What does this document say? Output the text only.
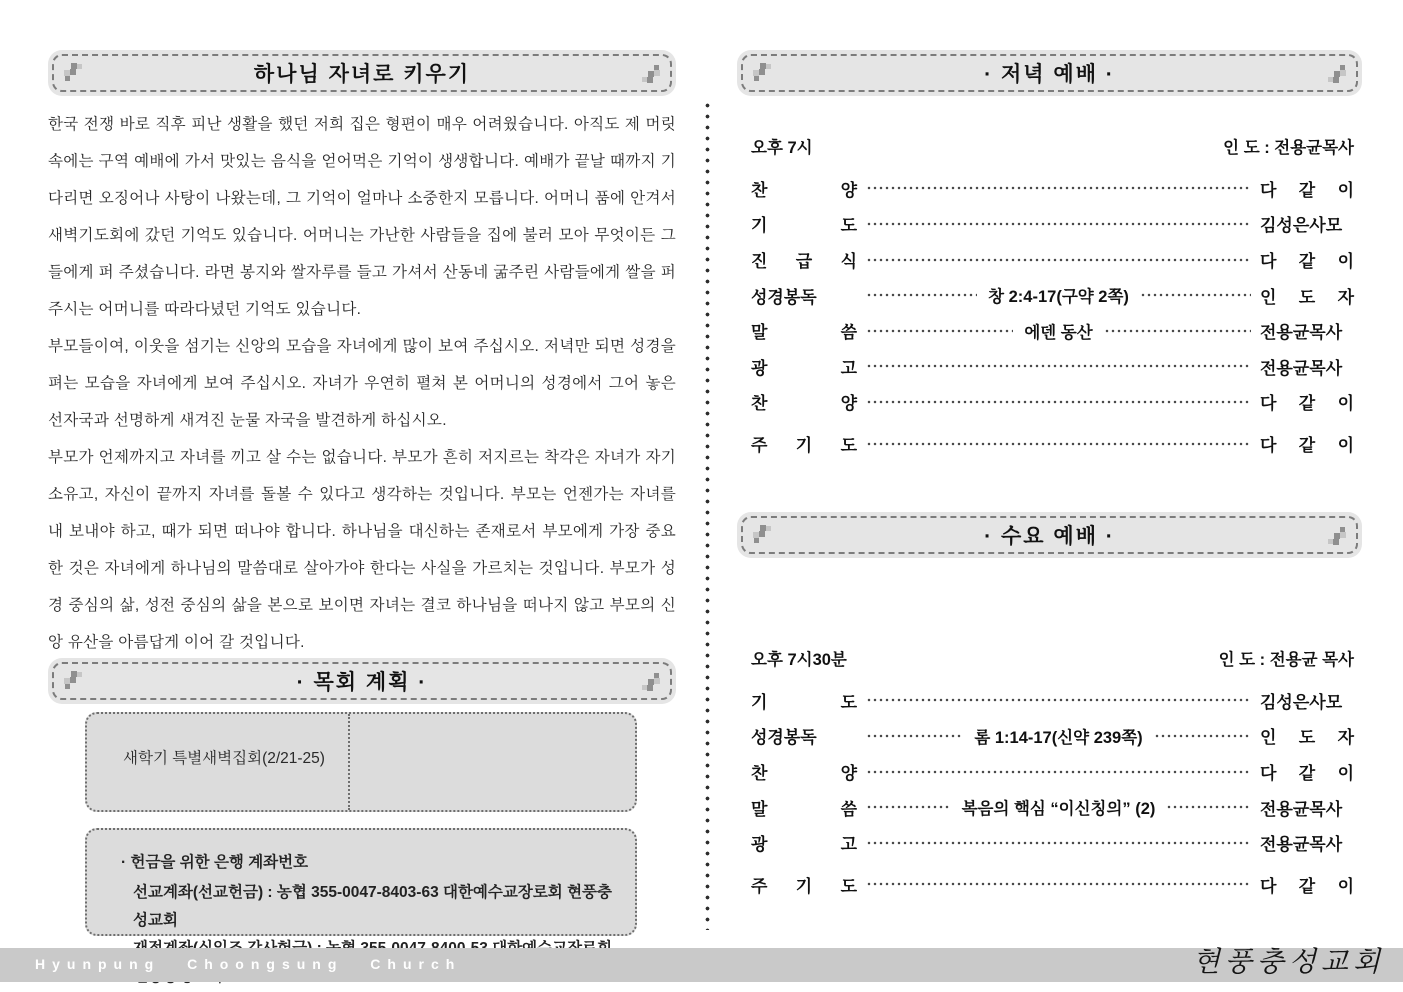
하나님 자녀로 키우기

한국 전쟁 바로 직후 피난 생활을 했던 저희 집은 형편이 매우 어려웠습니다. 아직도 제 머릿속에는 구역 예배에 가서 맛있는 음식을 얻어먹은 기억이 생생합니다. 예배가 끝날 때까지 기다리면 오징어나 사탕이 나왔는데, 그 기억이 얼마나 소중한지 모릅니다. 어머니 품에 안겨서 새벽기도회에 갔던 기억도 있습니다. 어머니는 가난한 사람들을 집에 불러 모아 무엇이든 그들에게 퍼 주셨습니다. 라면 봉지와 쌀자루를 들고 가셔서 산동네 굶주린 사람들에게 쌀을 퍼 주시는 어머니를 따라다녔던 기억도 있습니다.

부모들이여, 이웃을 섬기는 신앙의 모습을 자녀에게 많이 보여 주십시오. 저녁만 되면 성경을 펴는 모습을 자녀에게 보여 주십시오. 자녀가 우연히 펼쳐 본 어머니의 성경에서 그어 놓은 선자국과 선명하게 새겨진 눈물 자국을 발견하게 하십시오.

부모가 언제까지고 자녀를 끼고 살 수는 없습니다. 부모가 흔히 저지르는 착각은 자녀가 자기 소유고, 자신이 끝까지 자녀를 돌볼 수 있다고 생각하는 것입니다. 부모는 언젠가는 자녀를 내 보내야 하고, 때가 되면 떠나야 합니다. 하나님을 대신하는 존재로서 부모에게 가장 중요한 것은 자녀에게 하나님의 말씀대로 살아가야 한다는 사실을 가르치는 것입니다. 부모가 성경 중심의 삶, 성전 중심의 삶을 본으로 보이면 자녀는 결코 하나님을 떠나지 않고 부모의 신앙 유산을 아름답게 이어 갈 것입니다.

· 목회 계획 ·
새학기 특별새벽집회(2/21-25)
· 헌금을 위한 은행 계좌번호
선교계좌(선교헌금) : 농협 355-0047-8403-63 대한예수교장로회 현풍충성교회
· 저녁 예배 ·
오후 7시	인 도 : 전용균목사
찬 양	다 같 이
기 도	김성은사모
진 급 식	다 같 이
성경봉독	창 2:4-17(구약 2쪽)	인 도 자
말 씀	에덴 동산	전용균목사
광 고	전용균목사
찬 양	다 같 이
주 기 도	다 같 이
· 수요 예배 ·
오후 7시30분	인 도 : 전용균 목사
기 도	김성은사모
성경봉독	롬 1:14-17(신약 239쪽)	인 도 자
찬 양	다 같 이
말 씀	복음의 핵심 “이신칭의” (2)	전용균목사
광 고	전용균목사
주 기 도	다 같 이
Hyunpung Choongsung Church	현풍충성교회
